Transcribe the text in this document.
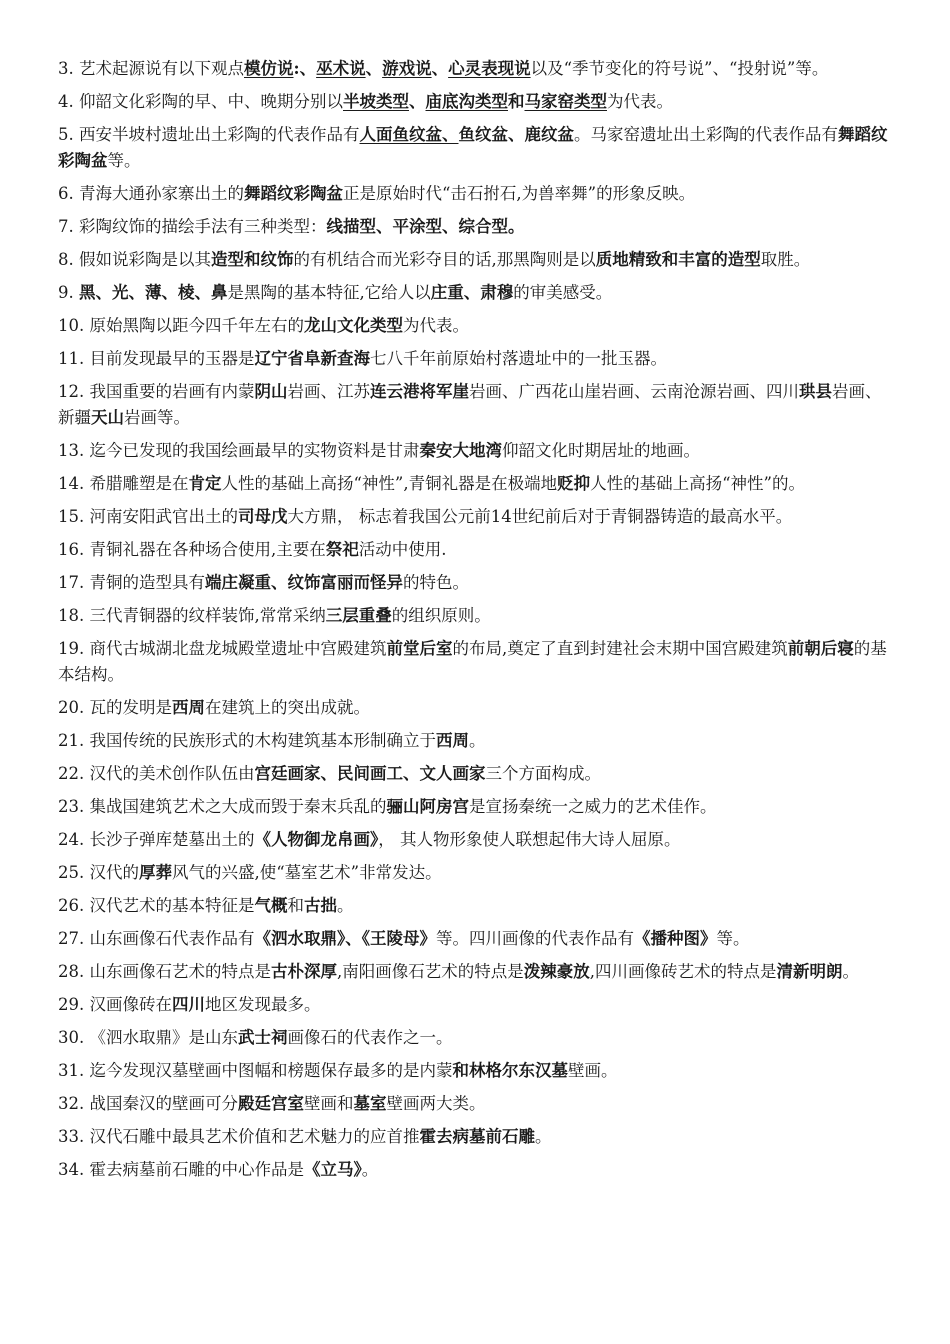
3. 艺术起源说有以下观点模仿说:、巫术说、游戏说、心灵表现说以及“季节变化的符号说”、“投射说”等。

4. 仰韶文化彩陶的早、中、晚期分别以半坡类型、庙底沟类型和马家窑类型为代表。

5. 西安半坡村遗址出土彩陶的代表作品有人面鱼纹盆、鱼纹盆、鹿纹盆。马家窑遗址出土彩陶的代表作品有舞蹈纹彩陶盆等。

6. 青海大通孙家寨出土的舞蹈纹彩陶盆正是原始时代“击石拊石,为兽率舞”的形象反映。

7. 彩陶纹饰的描绘手法有三种类型：线描型、平涂型、综合型。

8. 假如说彩陶是以其造型和纹饰的有机结合而光彩夺目的话,那黑陶则是以质地精致和丰富的造型取胜。

9. 黑、光、薄、棱、鼻是黑陶的基本特征,它给人以庄重、肃穆的审美感受。

10. 原始黑陶以距今四千年左右的龙山文化类型为代表。

11. 目前发现最早的玉器是辽宁省阜新查海七八千年前原始村落遗址中的一批玉器。

12. 我国重要的岩画有内蒙阴山岩画、江苏连云港将军崖岩画、广西花山崖岩画、云南沧源岩画、四川珙县岩画、新疆天山岩画等。

13. 迄今已发现的我国绘画最早的实物资料是甘肃秦安大地湾仰韶文化时期居址的地画。

14. 希腊雕塑是在肯定人性的基础上高扬“神性”,青铜礼器是在极端地贬抑人性的基础上高扬“神性”的。

15. 河南安阳武官出土的司母戊大方鼎， 标志着我国公元前14世纪前后对于青铜器铸造的最高水平。

16. 青铜礼器在各种场合使用,主要在祭祀活动中使用.

17. 青铜的造型具有端庄凝重、纹饰富丽而怪异的特色。

18. 三代青铜器的纹样装饰,常常采纳三层重叠的组织原则。

19. 商代古城湖北盘龙城殿堂遗址中宫殿建筑前堂后室的布局,奠定了直到封建社会末期中国宫殿建筑前朝后寝的基本结构。

20. 瓦的发明是西周在建筑上的突出成就。

21. 我国传统的民族形式的木构建筑基本形制确立于西周。

22. 汉代的美术创作队伍由宫廷画家、民间画工、文人画家三个方面构成。

23. 集战国建筑艺术之大成而毁于秦末兵乱的骊山阿房宫是宣扬秦统一之威力的艺术佳作。

24. 长沙子弹库楚墓出土的《人物御龙帛画》， 其人物形象使人联想起伟大诗人屈原。

25. 汉代的厚葬风气的兴盛,使“墓室艺术”非常发达。

26. 汉代艺术的基本特征是气概和古拙。

27. 山东画像石代表作品有《泗水取鼎》、《王陵母》等。四川画像的代表作品有《播种图》等。

28. 山东画像石艺术的特点是古朴深厚,南阳画像石艺术的特点是泼辣豪放,四川画像砖艺术的特点是清新明朗。

29. 汉画像砖在四川地区发现最多。

30. 《泗水取鼎》是山东武士祠画像石的代表作之一。

31. 迄今发现汉墓壁画中图幅和榜题保存最多的是内蒙和林格尔东汉墓壁画。

32. 战国秦汉的壁画可分殿廷宫室壁画和墓室壁画两大类。

33. 汉代石雕中最具艺术价值和艺术魅力的应首推霍去病墓前石雕。

34. 霍去病墓前石雕的中心作品是《立马》。
